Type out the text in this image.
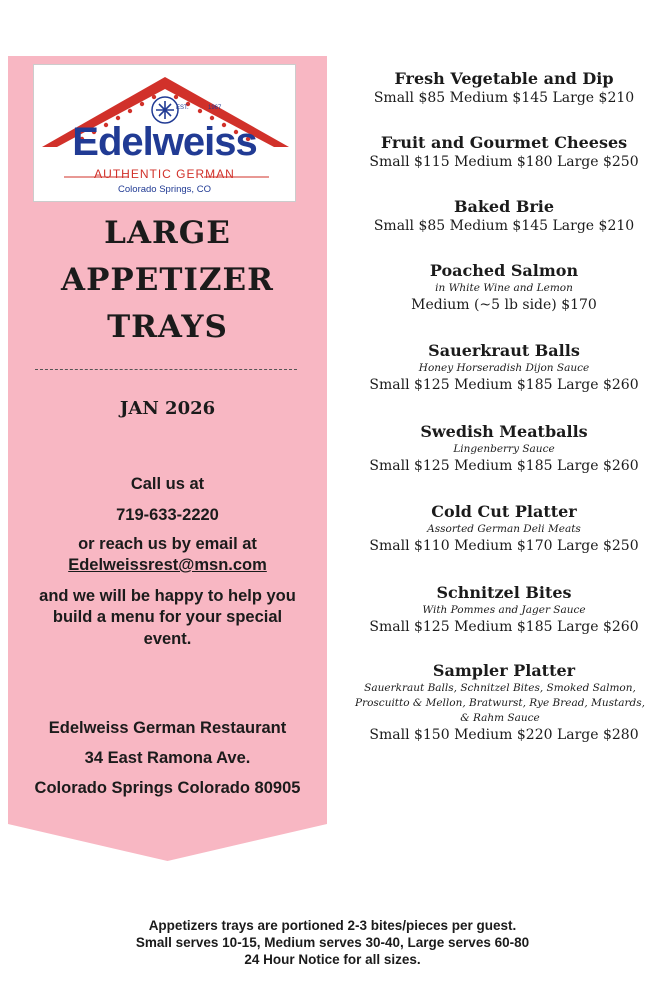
EST.	1967
Edelweiss
AUTHENTIC GERMAN
Colorado Springs, CO
LARGE
APPETIZER
TRAYS
JAN 2026
Call us at
719-633-2220
or reach us by email at
Edelweissrest@msn.com
and we will be happy to help you
build a menu for your special
event.
Edelweiss German Restaurant
34 East Ramona Ave.
Colorado Springs Colorado 80905
Fresh Vegetable and Dip
Small $85 Medium $145 Large $210
Fruit and Gourmet Cheeses
Small $115 Medium $180 Large $250
Baked Brie
Small $85 Medium $145 Large $210
Poached Salmon
in White Wine and Lemon
Medium (~5 lb side) $170
Sauerkraut Balls
Honey Horseradish Dijon Sauce
Small $125 Medium $185 Large $260
Swedish Meatballs
Lingenberry Sauce
Small $125 Medium $185 Large $260
Cold Cut Platter
Assorted German Deli Meats
Small $110 Medium $170 Large $250
Schnitzel Bites
With Pommes and Jager Sauce
Small $125 Medium $185 Large $260
Sampler Platter
Sauerkraut Balls, Schnitzel Bites, Smoked Salmon, Proscuitto & Mellon, Bratwurst, Rye Bread, Mustards, & Rahm Sauce
Small $150 Medium $220 Large $280
Appetizers trays are portioned 2-3 bites/pieces per guest.
Small serves 10-15, Medium serves 30-40, Large serves 60-80
24 Hour Notice for all sizes.
